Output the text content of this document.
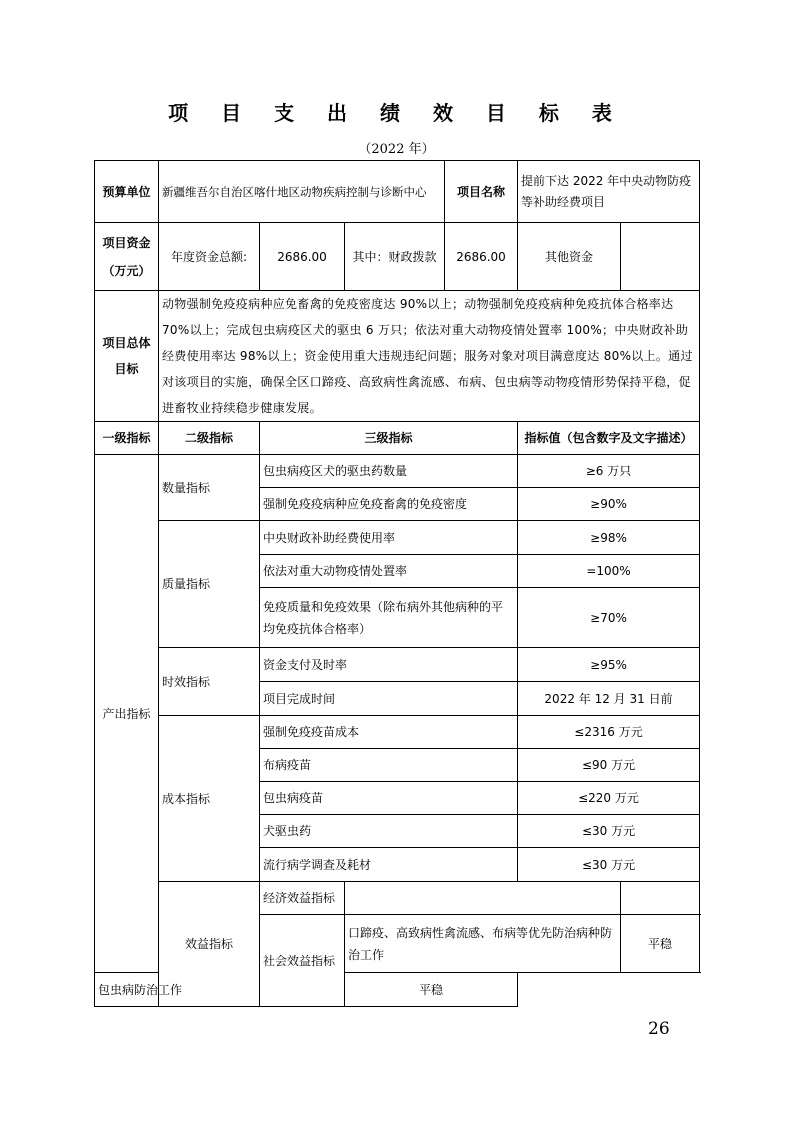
项 目 支 出 绩 效 目 标 表
（2022 年）
预算单位	新疆维吾尔自治区喀什地区动物疾病控制与诊断中心			项目名称	提前下达 2022 年中央动物防疫等补助经费项目	
项目资金（万元）	年度资金总额:	2686.00	其中：财政拨款	2686.00	其他资金	
项目总体目标	动物强制免疫疫病种应免畜禽的免疫密度达 90%以上；动物强制免疫疫病种免疫抗体合格率达 70%以上；完成包虫病疫区犬的驱虫 6 万只；依法对重大动物疫情处置率 100%；中央财政补助经费使用率达 98%以上；资金使用重大违规违纪问题；服务对象对项目满意度达 80%以上。通过对该项目的实施，确保全区口蹄疫、高致病性禽流感、布病、包虫病等动物疫情形势保持平稳，促进畜牧业持续稳步健康发展。					
一级指标	二级指标	三级指标			指标值（包含数字及文字描述）	
产出指标	数量指标	包虫病疫区犬的驱虫药数量			≥6 万只	
		强制免疫疫病种应免疫畜禽的免疫密度			≥90%	
	质量指标	中央财政补助经费使用率			≥98%	
		依法对重大动物疫情处置率			=100%	
		免疫质量和免疫效果（除布病外其他病种的平均免疫抗体合格率）			≥70%	
	时效指标	资金支付及时率			≥95%	
		项目完成时间			2022 年 12 月 31 日前	
	成本指标	强制免疫疫苗成本			≤2316 万元	
		布病疫苗			≤90 万元	
		包虫病疫苗			≤220 万元	
		犬驱虫药			≤30 万元	
		流行病学调查及耗材			≤30 万元	
	效益指标	经济效益指标				
		社会效益指标	口蹄疫、高致病性禽流感、布病等优先防治病种防治工作			平稳
包虫病防治工作			平稳			
26
